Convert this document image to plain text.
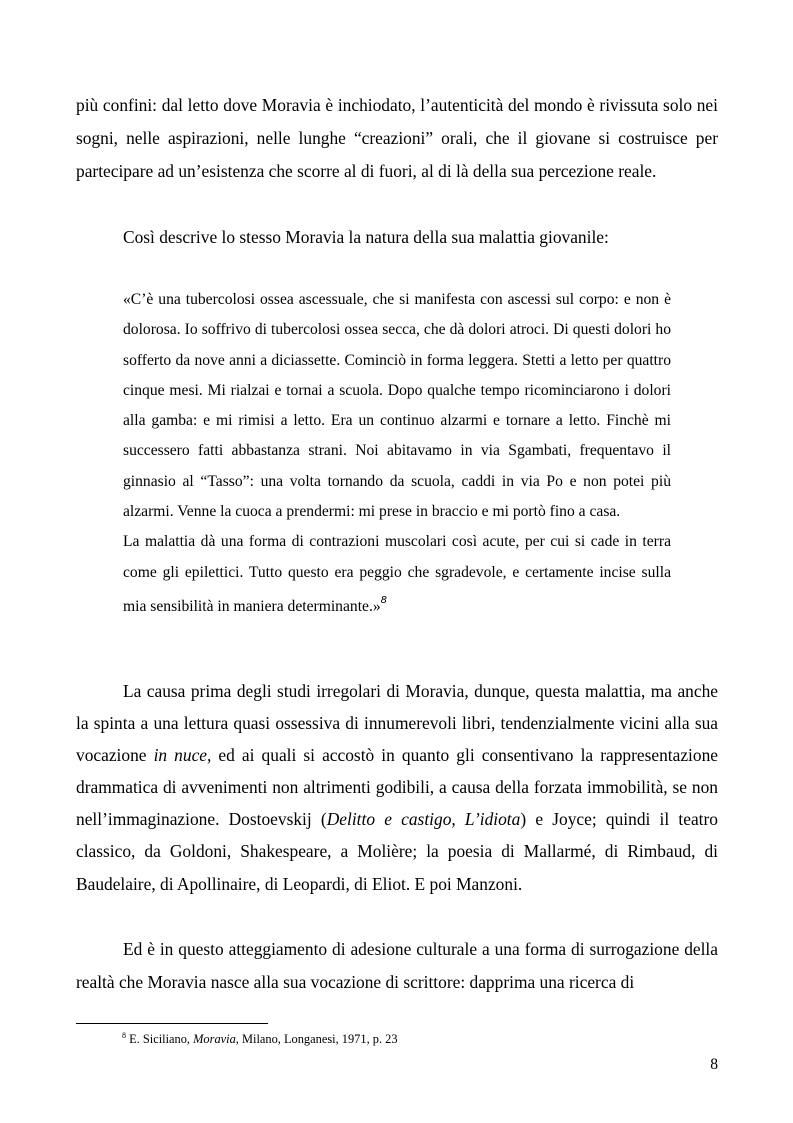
più confini: dal letto dove Moravia è inchiodato, l’autenticità del mondo è rivissuta solo nei sogni, nelle aspirazioni, nelle lunghe “creazioni” orali, che il giovane si costruisce per partecipare ad un’esistenza che scorre al di fuori, al di là della sua percezione reale.

Così descrive lo stesso Moravia la natura della sua malattia giovanile:

«C’è una tubercolosi ossea ascessuale, che si manifesta con ascessi sul corpo: e non è dolorosa. Io soffrivo di tubercolosi ossea secca, che dà dolori atroci. Di questi dolori ho sofferto da nove anni a diciassette. Cominciò in forma leggera. Stetti a letto per quattro cinque mesi. Mi rialzai e tornai a scuola. Dopo qualche tempo ricominciarono i dolori alla gamba: e mi rimisi a letto. Era un continuo alzarmi e tornare a letto. Finchè mi successero fatti abbastanza strani. Noi abitavamo in via Sgambati, frequentavo il ginnasio al “Tasso”: una volta tornando da scuola, caddi in via Po e non potei più alzarmi. Venne la cuoca a prendermi: mi prese in braccio e mi portò fino a casa.

La malattia dà una forma di contrazioni muscolari così acute, per cui si cade in terra come gli epilettici. Tutto questo era peggio che sgradevole, e certamente incise sulla mia sensibilità in maniera determinante.»$^8$

La causa prima degli studi irregolari di Moravia, dunque, questa malattia, ma anche la spinta a una lettura quasi ossessiva di innumerevoli libri, tendenzialmente vicini alla sua vocazione in nuce, ed ai quali si accostò in quanto gli consentivano la rappresentazione drammatica di avvenimenti non altrimenti godibili, a causa della forzata immobilità, se non nell’immaginazione. Dostoevskij (Delitto e castigo, L’idiota) e Joyce; quindi il teatro classico, da Goldoni, Shakespeare, a Molière; la poesia di Mallarmé, di Rimbaud, di Baudelaire, di Apollinaire, di Leopardi, di Eliot. E poi Manzoni.

Ed è in questo atteggiamento di adesione culturale a una forma di surrogazione della realtà che Moravia nasce alla sua vocazione di scrittore: dapprima una ricerca di

$^8$ E. Siciliano, Moravia, Milano, Longanesi, 1971, p. 23

8
